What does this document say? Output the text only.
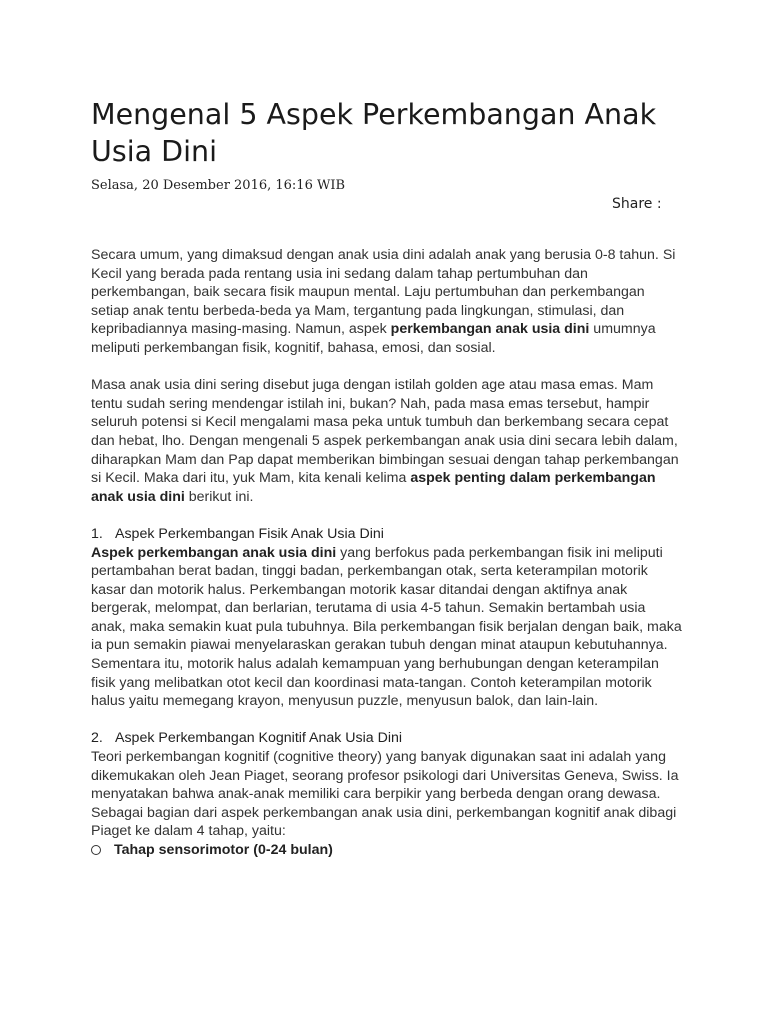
Mengenal 5 Aspek Perkembangan Anak Usia Dini
Selasa, 20 Desember 2016, 16:16 WIB
Share :

Secara umum, yang dimaksud dengan anak usia dini adalah anak yang berusia 0-8 tahun. Si Kecil yang berada pada rentang usia ini sedang dalam tahap pertumbuhan dan perkembangan, baik secara fisik maupun mental. Laju pertumbuhan dan perkembangan setiap anak tentu berbeda-beda ya Mam, tergantung pada lingkungan, stimulasi, dan kepribadiannya masing-masing. Namun, aspek perkembangan anak usia dini umumnya meliputi perkembangan fisik, kognitif, bahasa, emosi, dan sosial.

Masa anak usia dini sering disebut juga dengan istilah golden age atau masa emas. Mam tentu sudah sering mendengar istilah ini, bukan? Nah, pada masa emas tersebut, hampir seluruh potensi si Kecil mengalami masa peka untuk tumbuh dan berkembang secara cepat dan hebat, lho. Dengan mengenali 5 aspek perkembangan anak usia dini secara lebih dalam, diharapkan Mam dan Pap dapat memberikan bimbingan sesuai dengan tahap perkembangan si Kecil. Maka dari itu, yuk Mam, kita kenali kelima aspek penting dalam perkembangan anak usia dini berikut ini.

1. Aspek Perkembangan Fisik Anak Usia Dini

Aspek perkembangan anak usia dini yang berfokus pada perkembangan fisik ini meliputi pertambahan berat badan, tinggi badan, perkembangan otak, serta keterampilan motorik kasar dan motorik halus. Perkembangan motorik kasar ditandai dengan aktifnya anak bergerak, melompat, dan berlarian, terutama di usia 4-5 tahun. Semakin bertambah usia anak, maka semakin kuat pula tubuhnya. Bila perkembangan fisik berjalan dengan baik, maka ia pun semakin piawai menyelaraskan gerakan tubuh dengan minat ataupun kebutuhannya. Sementara itu, motorik halus adalah kemampuan yang berhubungan dengan keterampilan fisik yang melibatkan otot kecil dan koordinasi mata-tangan. Contoh keterampilan motorik halus yaitu memegang krayon, menyusun puzzle, menyusun balok, dan lain-lain.

2. Aspek Perkembangan Kognitif Anak Usia Dini

Teori perkembangan kognitif (cognitive theory) yang banyak digunakan saat ini adalah yang dikemukakan oleh Jean Piaget, seorang profesor psikologi dari Universitas Geneva, Swiss. Ia menyatakan bahwa anak-anak memiliki cara berpikir yang berbeda dengan orang dewasa. Sebagai bagian dari aspek perkembangan anak usia dini, perkembangan kognitif anak dibagi Piaget ke dalam 4 tahap, yaitu:

Tahap sensorimotor (0-24 bulan)
